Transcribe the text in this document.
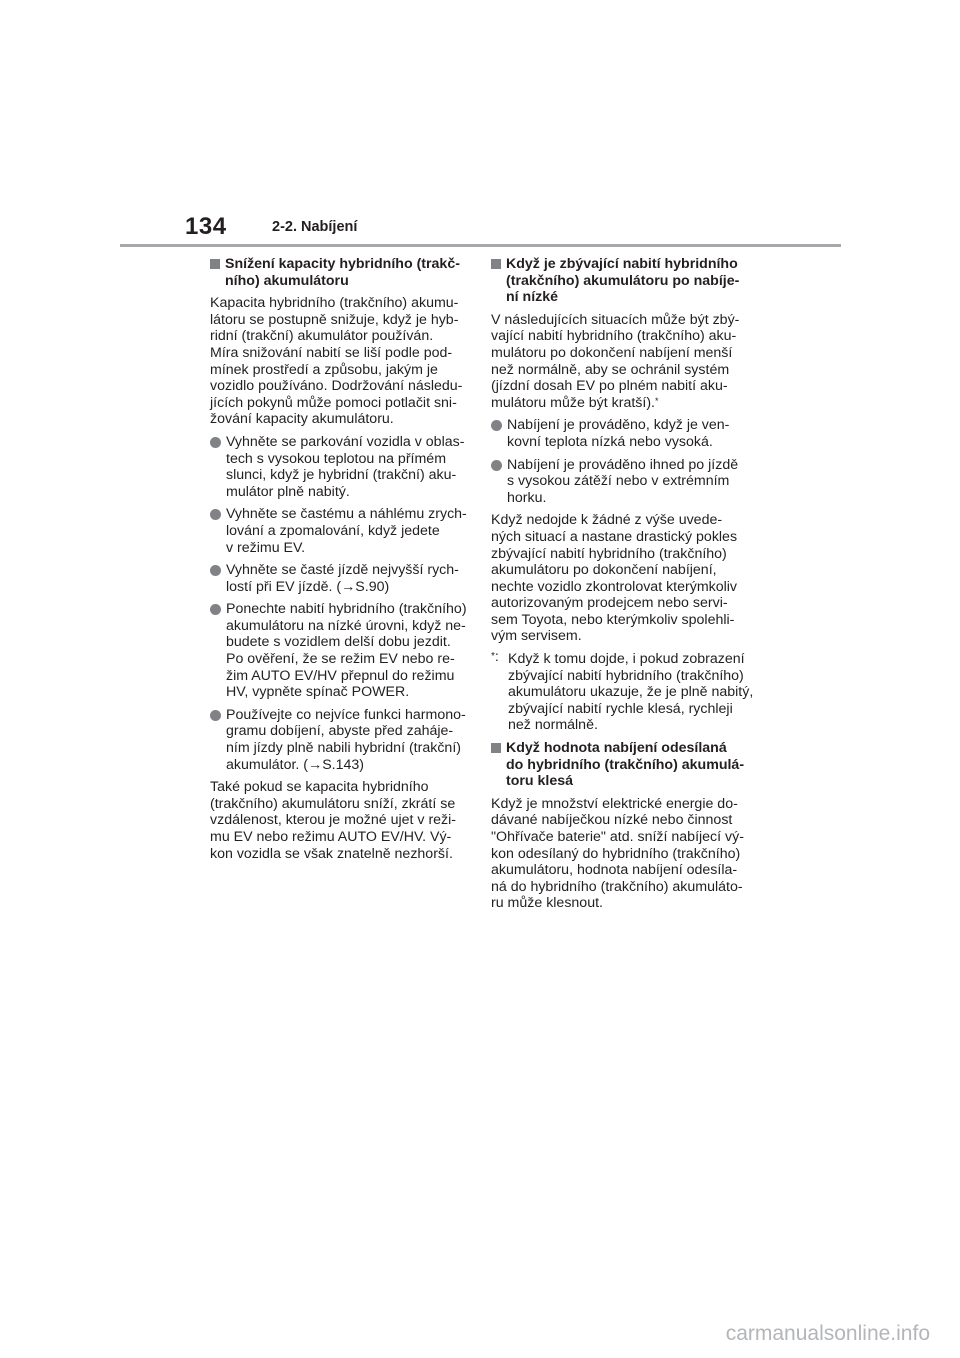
134	2-2. Nabíjení
Snížení kapacity hybridního (trakč-
ního) akumulátoru
Kapacita hybridního (trakčního) akumu-
látoru se postupně snižuje, když je hyb-
ridní (trakční) akumulátor používán.
Míra snižování nabití se liší podle pod-
mínek prostředí a způsobu, jakým je
vozidlo používáno. Dodržování následu-
jících pokynů může pomoci potlačit sni-
žování kapacity akumulátoru.
Vyhněte se parkování vozidla v oblas-
tech s vysokou teplotou na přímém
slunci, když je hybridní (trakční) aku-
mulátor plně nabitý.
Vyhněte se častému a náhlému zrych-
lování a zpomalování, když jedete
v režimu EV.
Vyhněte se časté jízdě nejvyšší rych-
lostí při EV jízdě. (→S.90)
Ponechte nabití hybridního (trakčního)
akumulátoru na nízké úrovni, když ne-
budete s vozidlem delší dobu jezdit.
Po ověření, že se režim EV nebo re-
žim AUTO EV/HV přepnul do režimu
HV, vypněte spínač POWER.
Používejte co nejvíce funkci harmono-
gramu dobíjení, abyste před zaháje-
ním jízdy plně nabili hybridní (trakční)
akumulátor. (→S.143)
Také pokud se kapacita hybridního
(trakčního) akumulátoru sníží, zkrátí se
vzdálenost, kterou je možné ujet v reži-
mu EV nebo režimu AUTO EV/HV. Vý-
kon vozidla se však znatelně nezhorší.
Když je zbývající nabití hybridního
(trakčního) akumulátoru po nabíje-
ní nízké
V následujících situacích může být zbý-
vající nabití hybridního (trakčního) aku-
mulátoru po dokončení nabíjení menší
než normálně, aby se ochránil systém
(jízdní dosah EV po plném nabití aku-
mulátoru může být kratší).*
Nabíjení je prováděno, když je ven-
kovní teplota nízká nebo vysoká.
Nabíjení je prováděno ihned po jízdě
s vysokou zátěží nebo v extrémním
horku.
Když nedojde k žádné z výše uvede-
ných situací a nastane drastický pokles
zbývající nabití hybridního (trakčního)
akumulátoru po dokončení nabíjení,
nechte vozidlo zkontrolovat kterýmkoliv
autorizovaným prodejcem nebo servi-
sem Toyota, nebo kterýmkoliv spolehli-
vým servisem.
*: Když k tomu dojde, i pokud zobrazení
zbývající nabití hybridního (trakčního)
akumulátoru ukazuje, že je plně nabitý,
zbývající nabití rychle klesá, rychleji
než normálně.
Když hodnota nabíjení odesílaná
do hybridního (trakčního) akumulá-
toru klesá
Když je množství elektrické energie do-
dávané nabíječkou nízké nebo činnost
"Ohřívače baterie" atd. sníží nabíjecí vý-
kon odesílaný do hybridního (trakčního)
akumulátoru, hodnota nabíjení odesíla-
ná do hybridního (trakčního) akumuláto-
ru může klesnout.
carmanualsonline.info
